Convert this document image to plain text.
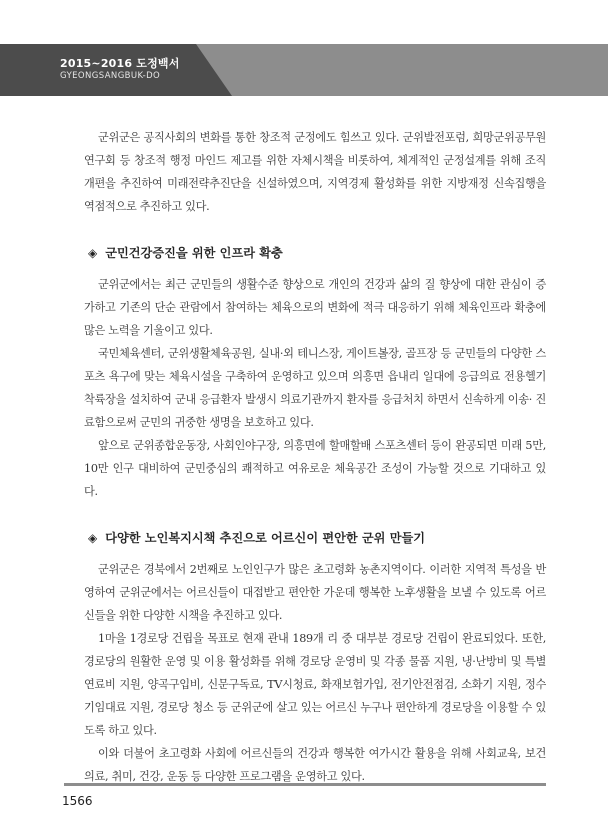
2015~2016 도정백서
GYEONGSANGBUK-DO

군위군은 공직사회의 변화를 통한 창조적 군정에도 힘쓰고 있다. 군위발전포럼, 희망군위공무원연구회 등 창조적 행정 마인드 제고를 위한 자체시책을 비롯하여, 체계적인 군정설계를 위해 조직개편을 추진하여 미래전략추진단을 신설하였으며, 지역경제 활성화를 위한 지방재정 신속집행을 역점적으로 추진하고 있다.

◈ 군민건강증진을 위한 인프라 확충

군위군에서는 최근 군민들의 생활수준 향상으로 개인의 건강과 삶의 질 향상에 대한 관심이 증가하고 기존의 단순 관람에서 참여하는 체육으로의 변화에 적극 대응하기 위해 체육인프라 확충에 많은 노력을 기울이고 있다.

국민체육센터, 군위생활체육공원, 실내·외 테니스장, 게이트볼장, 골프장 등 군민들의 다양한 스포츠 욕구에 맞는 체육시설을 구축하여 운영하고 있으며 의흥면 읍내리 일대에 응급의료 전용헬기 착륙장을 설치하여 군내 응급환자 발생시 의료기관까지 환자를 응급처치 하면서 신속하게 이송· 진료함으로써 군민의 귀중한 생명을 보호하고 있다.

앞으로 군위종합운동장, 사회인야구장, 의흥면에 할매할배 스포츠센터 등이 완공되면 미래 5만, 10만 인구 대비하여 군민중심의 쾌적하고 여유로운 체육공간 조성이 가능할 것으로 기대하고 있다.

◈ 다양한 노인복지시책 추진으로 어르신이 편안한 군위 만들기

군위군은 경북에서 2번째로 노인인구가 많은 초고령화 농촌지역이다. 이러한 지역적 특성을 반영하여 군위군에서는 어르신들이 대접받고 편안한 가운데 행복한 노후생활을 보낼 수 있도록 어르신들을 위한 다양한 시책을 추진하고 있다.

1마을 1경로당 건립을 목표로 현재 관내 189개 리 중 대부분 경로당 건립이 완료되었다. 또한, 경로당의 원활한 운영 및 이용 활성화를 위해 경로당 운영비 및 각종 물품 지원, 냉·난방비 및 특별연료비 지원, 양곡구입비, 신문구독료, TV시청료, 화재보험가입, 전기안전점검, 소화기 지원, 정수기임대료 지원, 경로당 청소 등 군위군에 살고 있는 어르신 누구나 편안하게 경로당을 이용할 수 있도록 하고 있다.

이와 더불어 초고령화 사회에 어르신들의 건강과 행복한 여가시간 활용을 위해 사회교육, 보건의료, 취미, 건강, 운동 등 다양한 프로그램을 운영하고 있다.

1566
